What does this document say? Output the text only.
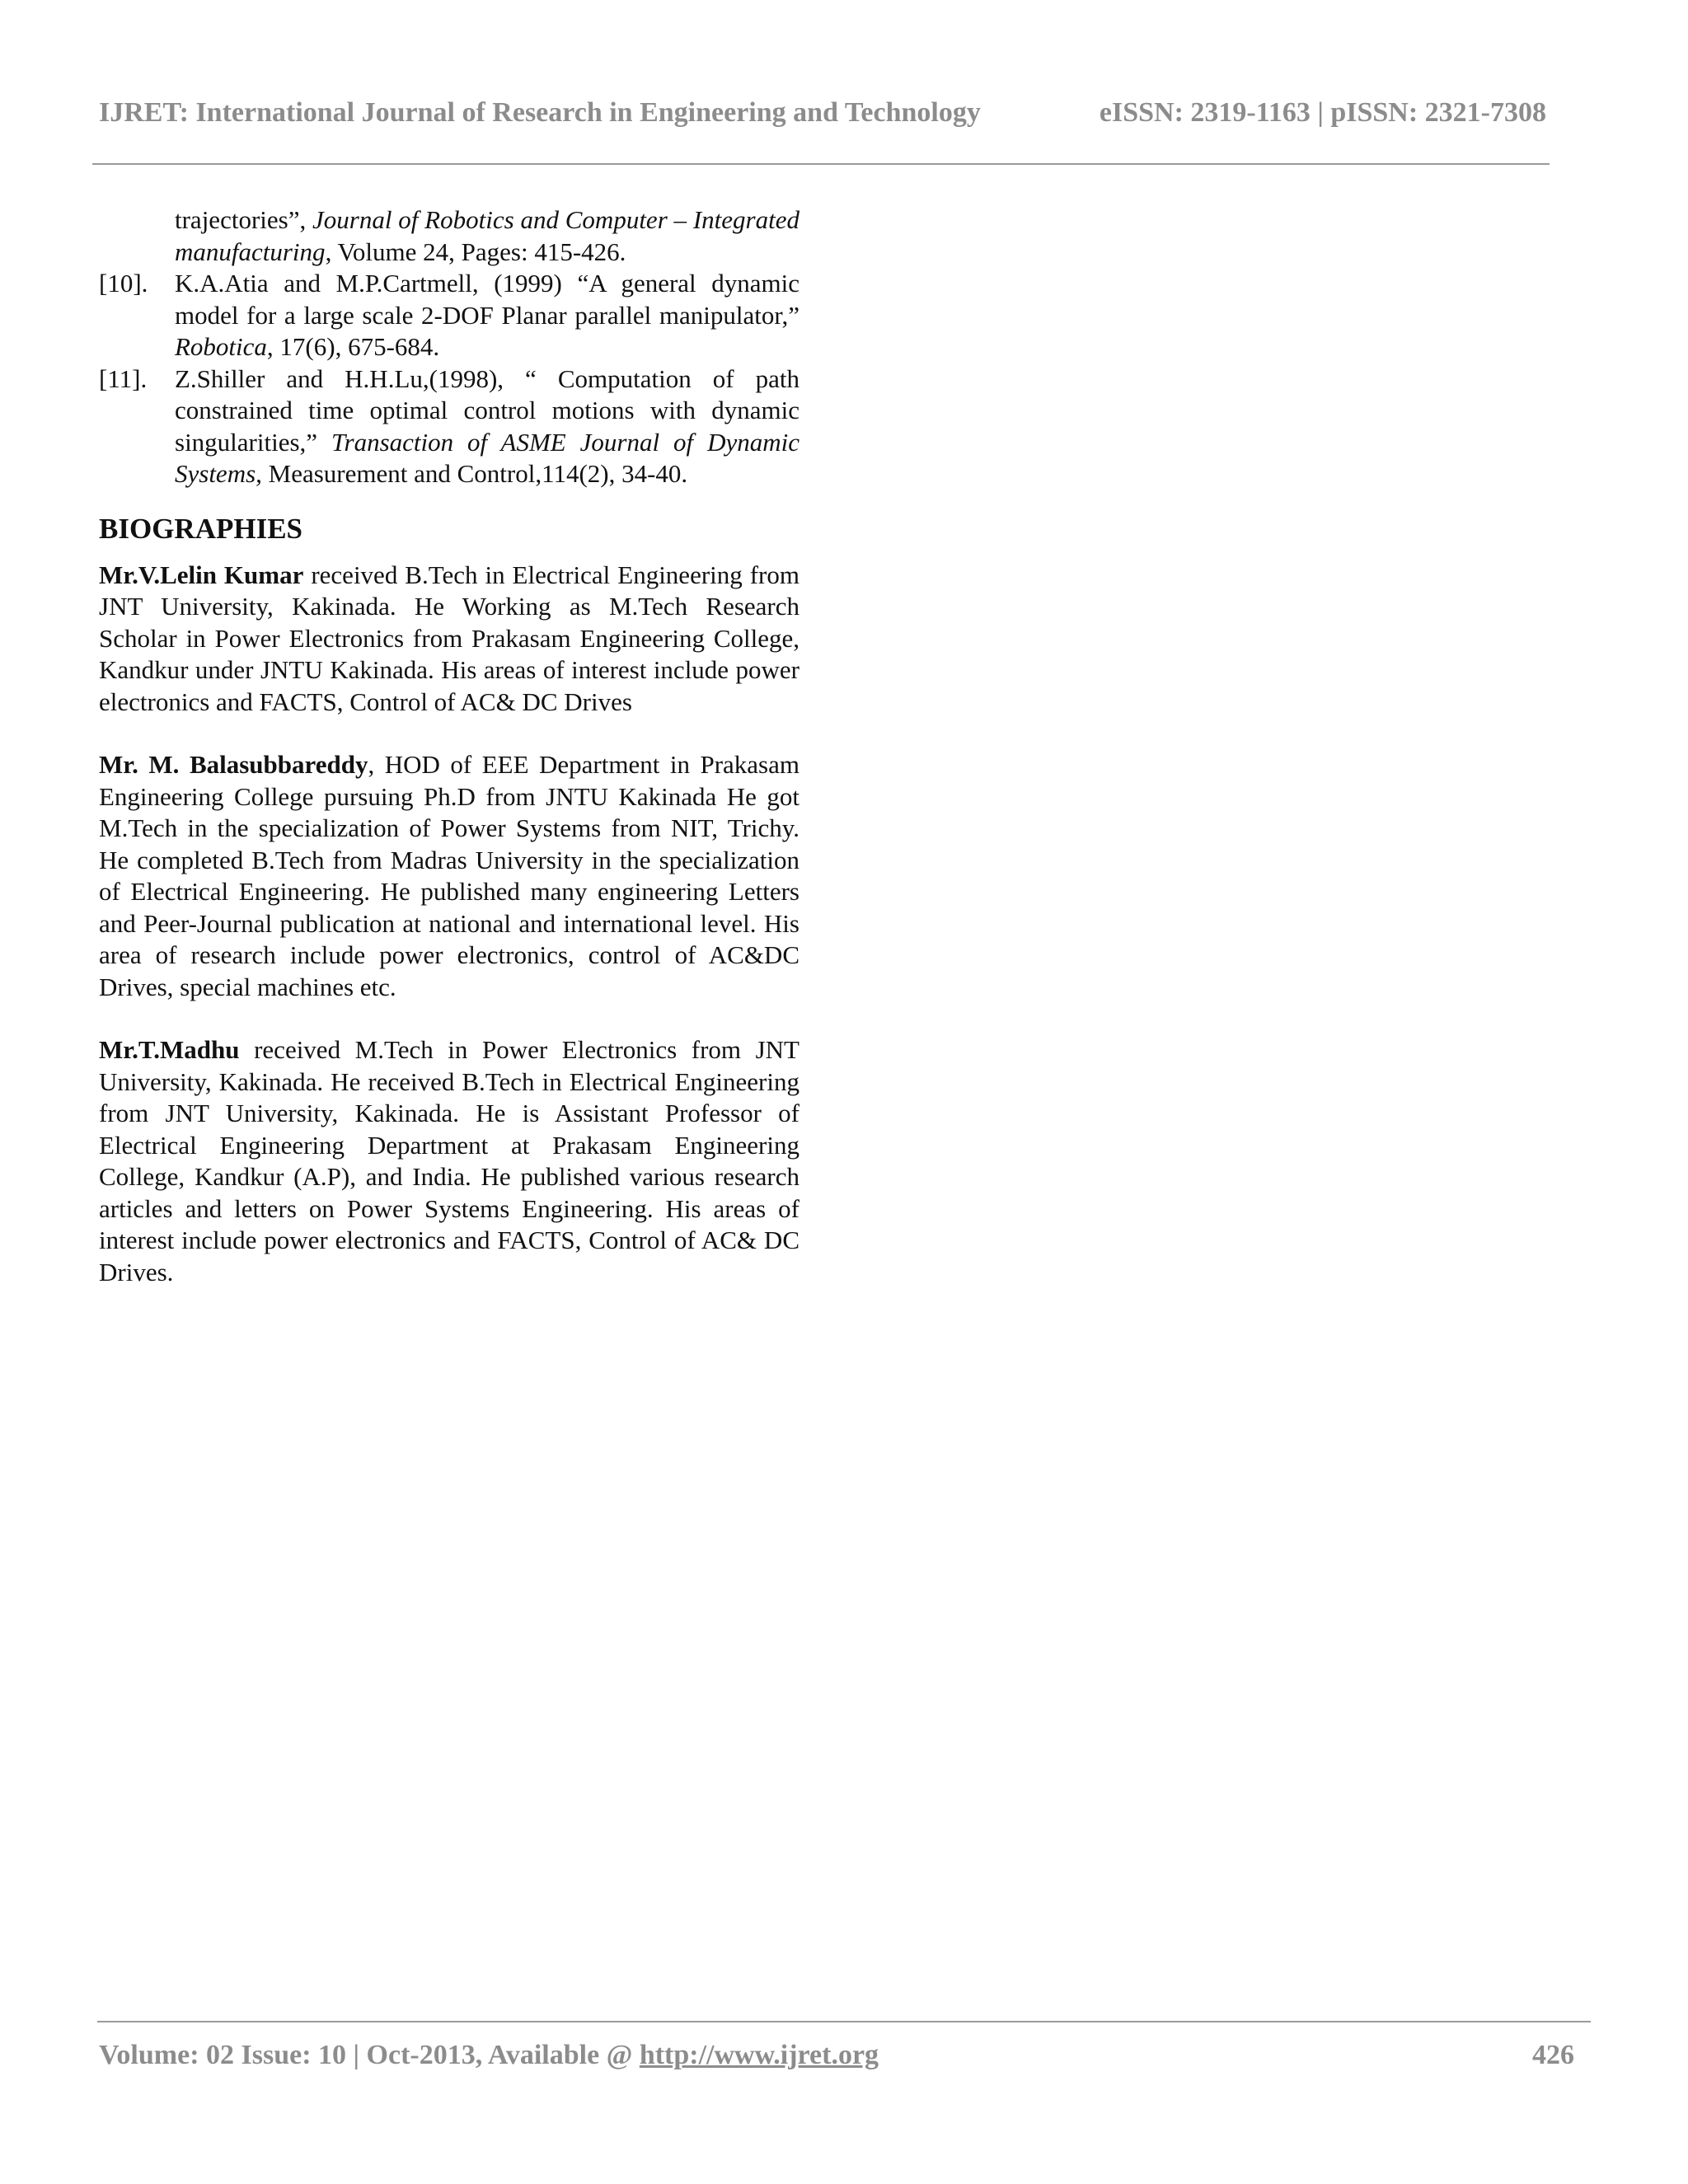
IJRET: International Journal of Research in Engineering and Technology	eISSN: 2319-1163 | pISSN: 2321-7308
trajectories”, Journal of Robotics and Computer – Integrated manufacturing, Volume 24, Pages: 415-426.
[10]. K.A.Atia and M.P.Cartmell, (1999) “A general dynamic model for a large scale 2-DOF Planar parallel manipulator,” Robotica, 17(6), 675-684.
[11]. Z.Shiller and H.H.Lu,(1998), “ Computation of path constrained time optimal control motions with dynamic singularities,” Transaction of ASME Journal of Dynamic Systems, Measurement and Control,114(2), 34-40.
BIOGRAPHIES

Mr.V.Lelin Kumar received B.Tech in Electrical Engineering from JNT University, Kakinada. He Working as M.Tech Research Scholar in Power Electronics from Prakasam Engineering College, Kandkur under JNTU Kakinada. His areas of interest include power electronics and FACTS, Control of AC& DC Drives

Mr. M. Balasubbareddy, HOD of EEE Department in Prakasam Engineering College pursuing Ph.D from JNTU Kakinada He got M.Tech in the specialization of Power Systems from NIT, Trichy. He completed B.Tech from Madras University in the specialization of Electrical Engineering. He published many engineering Letters and Peer-Journal publication at national and international level. His area of research include power electronics, control of AC&DC Drives, special machines etc.

Mr.T.Madhu received M.Tech in Power Electronics from JNT University, Kakinada. He received B.Tech in Electrical Engineering from JNT University, Kakinada. He is Assistant Professor of Electrical Engineering Department at Prakasam Engineering College, Kandkur (A.P), and India. He published various research articles and letters on Power Systems Engineering. His areas of interest include power electronics and FACTS, Control of AC& DC Drives.

Volume: 02 Issue: 10 | Oct-2013, Available @ http://www.ijret.org	426
